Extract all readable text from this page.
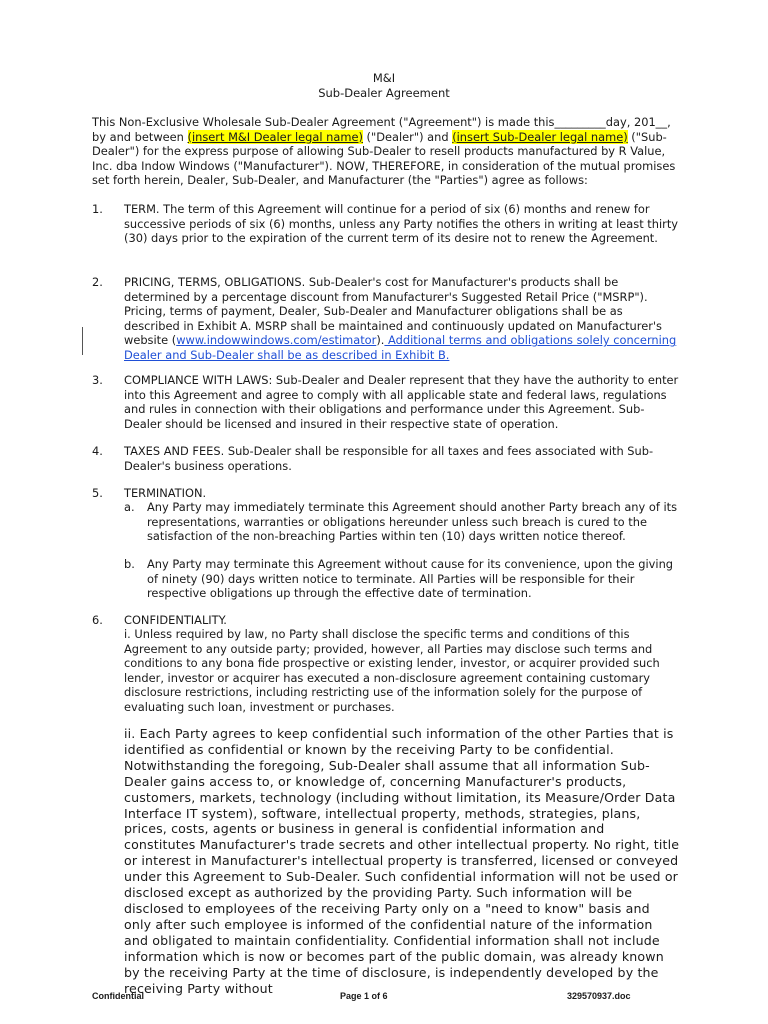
M&I
Sub-Dealer Agreement
This Non-Exclusive Wholesale Sub-Dealer Agreement ("Agreement") is made this_________day, 201__, by and between (insert M&I Dealer legal name) ("Dealer") and (insert Sub-Dealer legal name) ("Sub-Dealer") for the express purpose of allowing Sub-Dealer to resell products manufactured by R Value, Inc. dba Indow Windows ("Manufacturer"). NOW, THEREFORE, in consideration of the mutual promises set forth herein, Dealer, Sub-Dealer, and Manufacturer (the "Parties") agree as follows:
1. TERM. The term of this Agreement will continue for a period of six (6) months and renew for successive periods of six (6) months, unless any Party notifies the others in writing at least thirty (30) days prior to the expiration of the current term of its desire not to renew the Agreement.
2. PRICING, TERMS, OBLIGATIONS. Sub-Dealer's cost for Manufacturer's products shall be determined by a percentage discount from Manufacturer's Suggested Retail Price ("MSRP"). Pricing, terms of payment, Dealer, Sub-Dealer and Manufacturer obligations shall be as described in Exhibit A. MSRP shall be maintained and continuously updated on Manufacturer's website (www.indowwindows.com/estimator). Additional terms and obligations solely concerning Dealer and Sub-Dealer shall be as described in Exhibit B.
3. COMPLIANCE WITH LAWS: Sub-Dealer and Dealer represent that they have the authority to enter into this Agreement and agree to comply with all applicable state and federal laws, regulations and rules in connection with their obligations and performance under this Agreement. Sub-Dealer should be licensed and insured in their respective state of operation.
4. TAXES AND FEES. Sub-Dealer shall be responsible for all taxes and fees associated with Sub-Dealer's business operations.
5. TERMINATION.
a. Any Party may immediately terminate this Agreement should another Party breach any of its representations, warranties or obligations hereunder unless such breach is cured to the satisfaction of the non-breaching Parties within ten (10) days written notice thereof.
b. Any Party may terminate this Agreement without cause for its convenience, upon the giving of ninety (90) days written notice to terminate. All Parties will be responsible for their respective obligations up through the effective date of termination.
6. CONFIDENTIALITY.
i. Unless required by law, no Party shall disclose the specific terms and conditions of this Agreement to any outside party; provided, however, all Parties may disclose such terms and conditions to any bona fide prospective or existing lender, investor, or acquirer provided such lender, investor or acquirer has executed a non-disclosure agreement containing customary disclosure restrictions, including restricting use of the information solely for the purpose of evaluating such loan, investment or purchases.
ii. Each Party agrees to keep confidential such information of the other Parties that is identified as confidential or known by the receiving Party to be confidential. Notwithstanding the foregoing, Sub-Dealer shall assume that all information Sub-Dealer gains access to, or knowledge of, concerning Manufacturer's products, customers, markets, technology (including without limitation, its Measure/Order Data Interface IT system), software, intellectual property, methods, strategies, plans, prices, costs, agents or business in general is confidential information and constitutes Manufacturer's trade secrets and other intellectual property. No right, title or interest in Manufacturer's intellectual property is transferred, licensed or conveyed under this Agreement to Sub-Dealer. Such confidential information will not be used or disclosed except as authorized by the providing Party. Such information will be disclosed to employees of the receiving Party only on a "need to know" basis and only after such employee is informed of the confidential nature of the information and obligated to maintain confidentiality. Confidential information shall not include information which is now or becomes part of the public domain, was already known by the receiving Party at the time of disclosure, is independently developed by the receiving Party without
Confidential	Page 1 of 6	329570937.doc
